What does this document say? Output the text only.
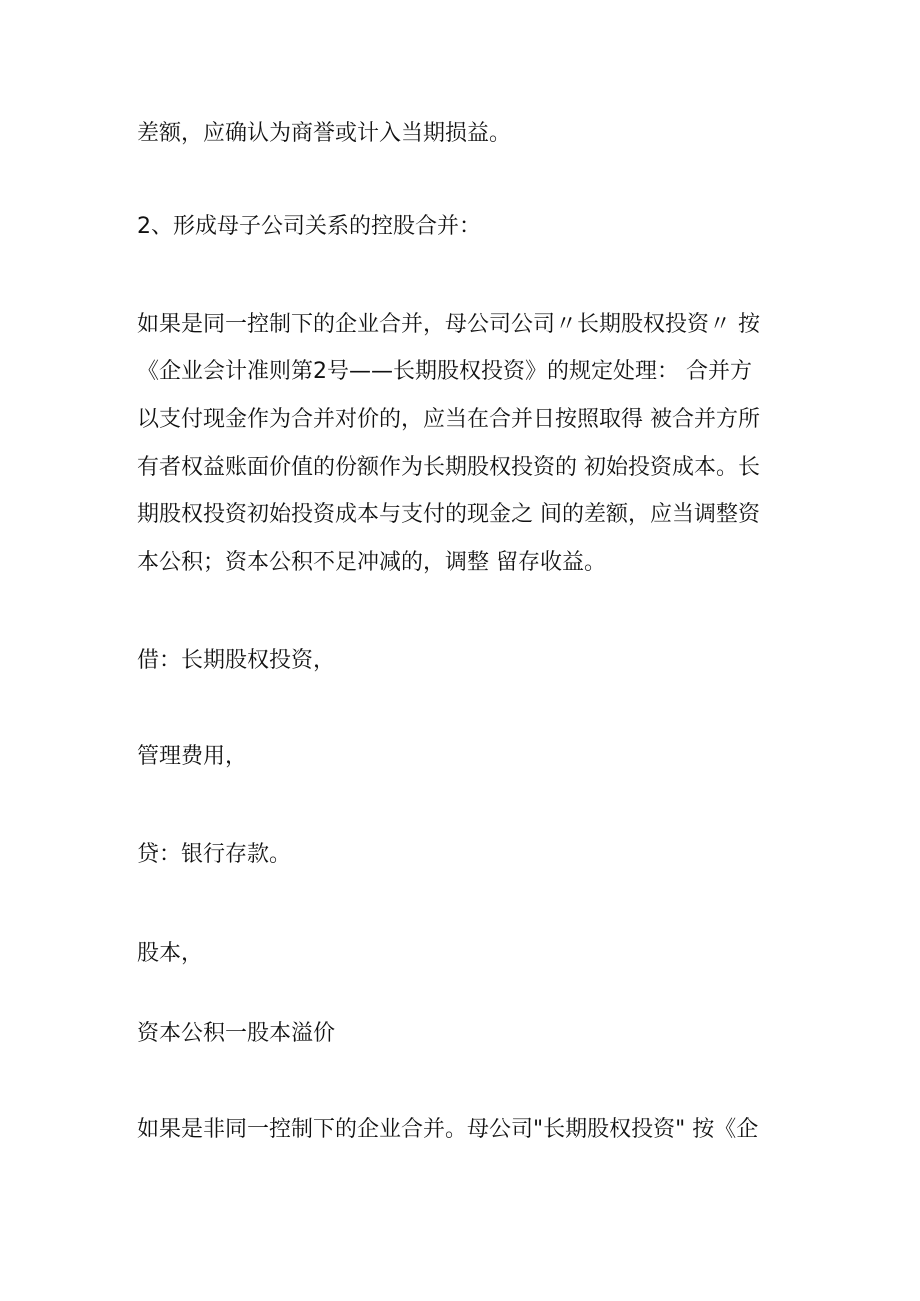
差额，应确认为商誉或计入当期损益。

2、形成母子公司关系的控股合并：

如果是同一控制下的企业合并，母公司公司〃长期股权投资〃 按

《企业会计准则第2号——长期股权投资》的规定处理： 合并方

以支付现金作为合并对价的，应当在合并日按照取得 被合并方所

有者权益账面价值的份额作为长期股权投资的 初始投资成本。长

期股权投资初始投资成本与支付的现金之 间的差额，应当调整资

本公积；资本公积不足冲减的，调整 留存收益。

借：长期股权投资，

管理费用，

贷：银行存款。

股本，

资本公积一股本溢价

如果是非同一控制下的企业合并。母公司"长期股权投资" 按《企
